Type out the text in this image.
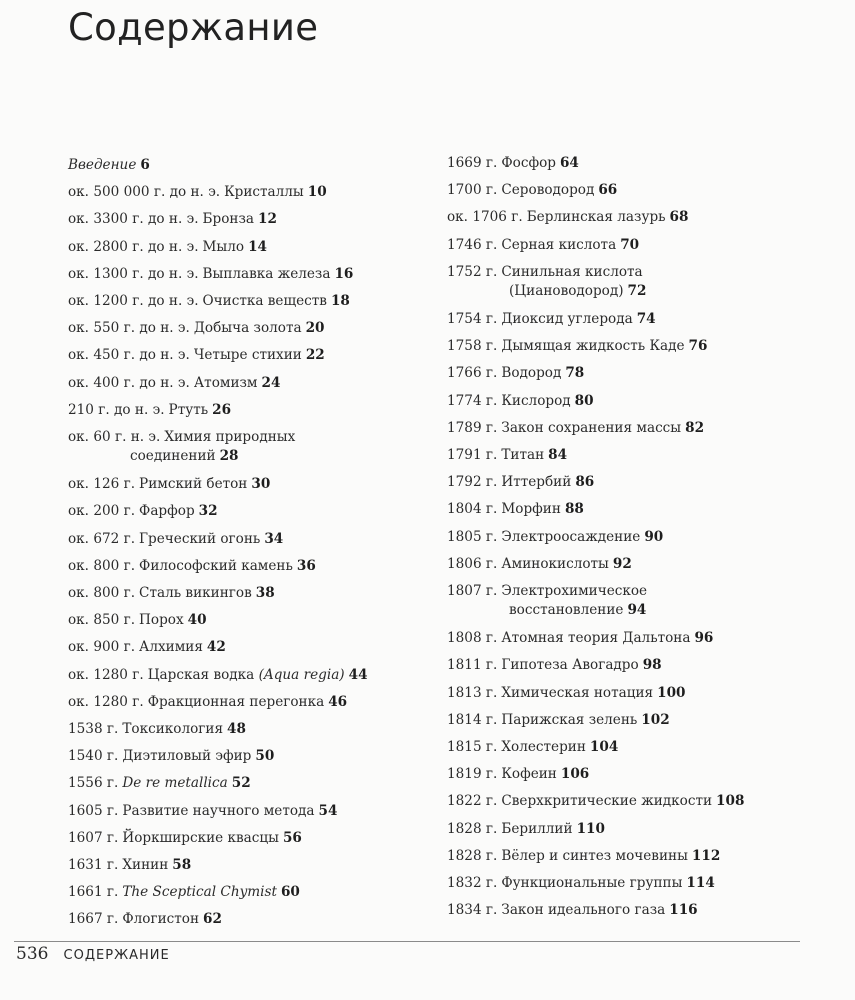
Содержание
Введение 6
ок. 500 000 г. до н. э. Кристаллы 10
ок. 3300 г. до н. э. Бронза 12
ок. 2800 г. до н. э. Мыло 14
ок. 1300 г. до н. э. Выплавка железа 16
ок. 1200 г. до н. э. Очистка веществ 18
ок. 550 г. до н. э. Добыча золота 20
ок. 450 г. до н. э. Четыре стихии 22
ок. 400 г. до н. э. Атомизм 24
210 г. до н. э. Ртуть 26
ок. 60 г. н. э. Химия природных
соединений 28
ок. 126 г. Римский бетон 30
ок. 200 г. Фарфор 32
ок. 672 г. Греческий огонь 34
ок. 800 г. Философский камень 36
ок. 800 г. Сталь викингов 38
ок. 850 г. Порох 40
ок. 900 г. Алхимия 42
ок. 1280 г. Царская водка (Aqua regia) 44
ок. 1280 г. Фракционная перегонка 46
1538 г. Токсикология 48
1540 г. Диэтиловый эфир 50
1556 г. De re metallica 52
1605 г. Развитие научного метода 54
1607 г. Йоркширские квасцы 56
1631 г. Хинин 58
1661 г. The Sceptical Chymist 60
1667 г. Флогистон 62
1669 г. Фосфор 64
1700 г. Сероводород 66
ок. 1706 г. Берлинская лазурь 68
1746 г. Серная кислота 70
1752 г. Синильная кислота
(Циановодород) 72
1754 г. Диоксид углерода 74
1758 г. Дымящая жидкость Каде 76
1766 г. Водород 78
1774 г. Кислород 80
1789 г. Закон сохранения массы 82
1791 г. Титан 84
1792 г. Иттербий 86
1804 г. Морфин 88
1805 г. Электроосаждение 90
1806 г. Аминокислоты 92
1807 г. Электрохимическое
восстановление 94
1808 г. Атомная теория Дальтона 96
1811 г. Гипотеза Авогадро 98
1813 г. Химическая нотация 100
1814 г. Парижская зелень 102
1815 г. Холестерин 104
1819 г. Кофеин 106
1822 г. Сверхкритические жидкости 108
1828 г. Бериллий 110
1828 г. Вёлер и синтез мочевины 112
1832 г. Функциональные группы 114
1834 г. Закон идеального газа 116
536 СОДЕРЖАНИЕ
